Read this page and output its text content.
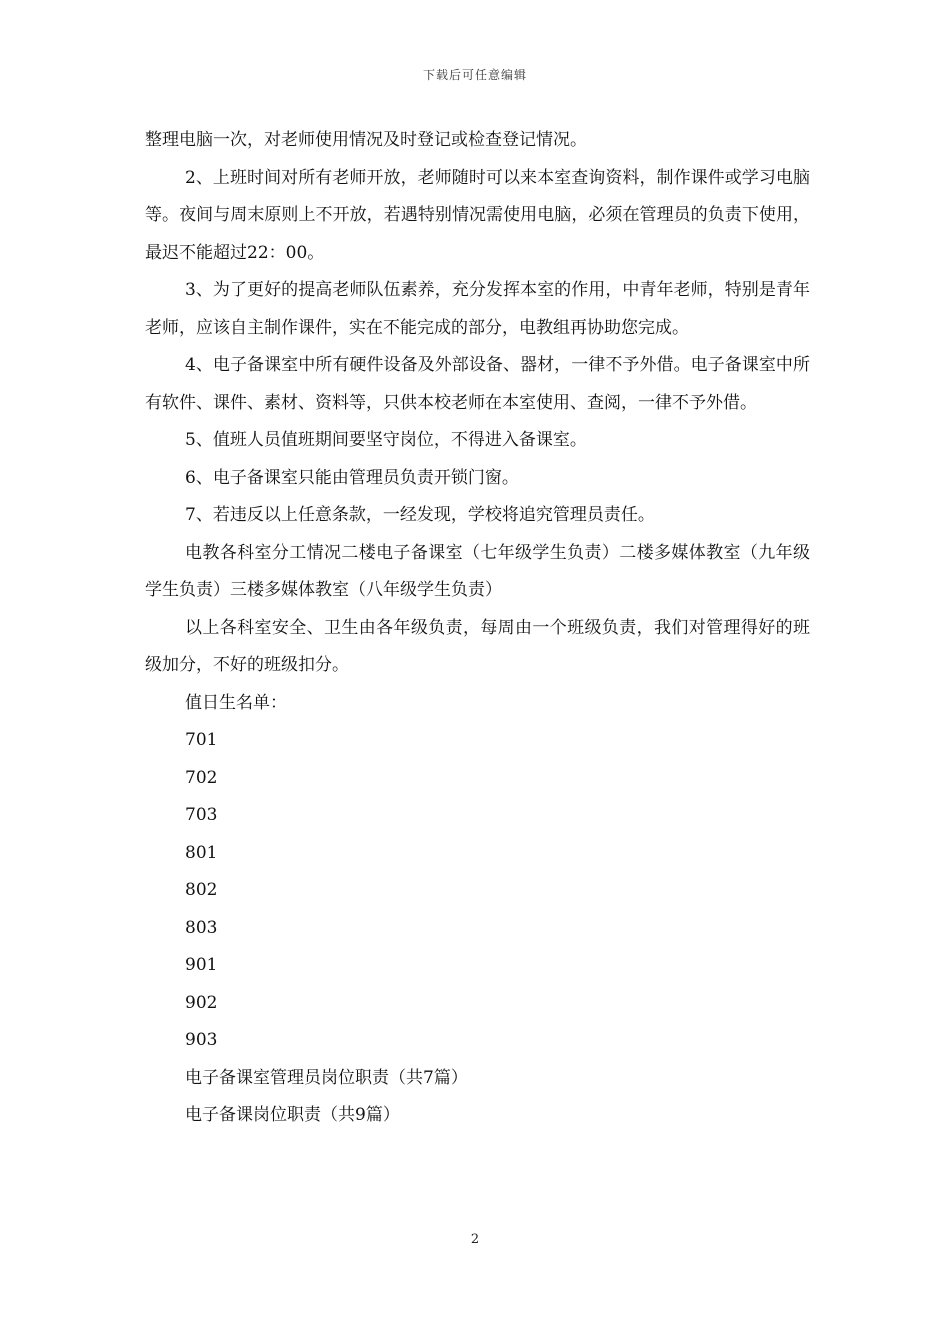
下载后可任意编辑

整理电脑一次，对老师使用情况及时登记或检查登记情况。

2、上班时间对所有老师开放，老师随时可以来本室查询资料，制作课件或学习电脑等。夜间与周末原则上不开放，若遇特别情况需使用电脑，必须在管理员的负责下使用，最迟不能超过22：00。

3、为了更好的提高老师队伍素养，充分发挥本室的作用，中青年老师，特别是青年老师，应该自主制作课件，实在不能完成的部分，电教组再协助您完成。

4、电子备课室中所有硬件设备及外部设备、器材，一律不予外借。电子备课室中所有软件、课件、素材、资料等，只供本校老师在本室使用、查阅，一律不予外借。

5、值班人员值班期间要坚守岗位，不得进入备课室。

6、电子备课室只能由管理员负责开锁门窗。

7、若违反以上任意条款，一经发现，学校将追究管理员责任。

电教各科室分工情况二楼电子备课室（七年级学生负责）二楼多媒体教室（九年级学生负责）三楼多媒体教室（八年级学生负责）

以上各科室安全、卫生由各年级负责，每周由一个班级负责，我们对管理得好的班级加分，不好的班级扣分。

值日生名单：

701

702

703

801

802

803

901

902

903

电子备课室管理员岗位职责（共7篇）

电子备课岗位职责（共9篇）

2
